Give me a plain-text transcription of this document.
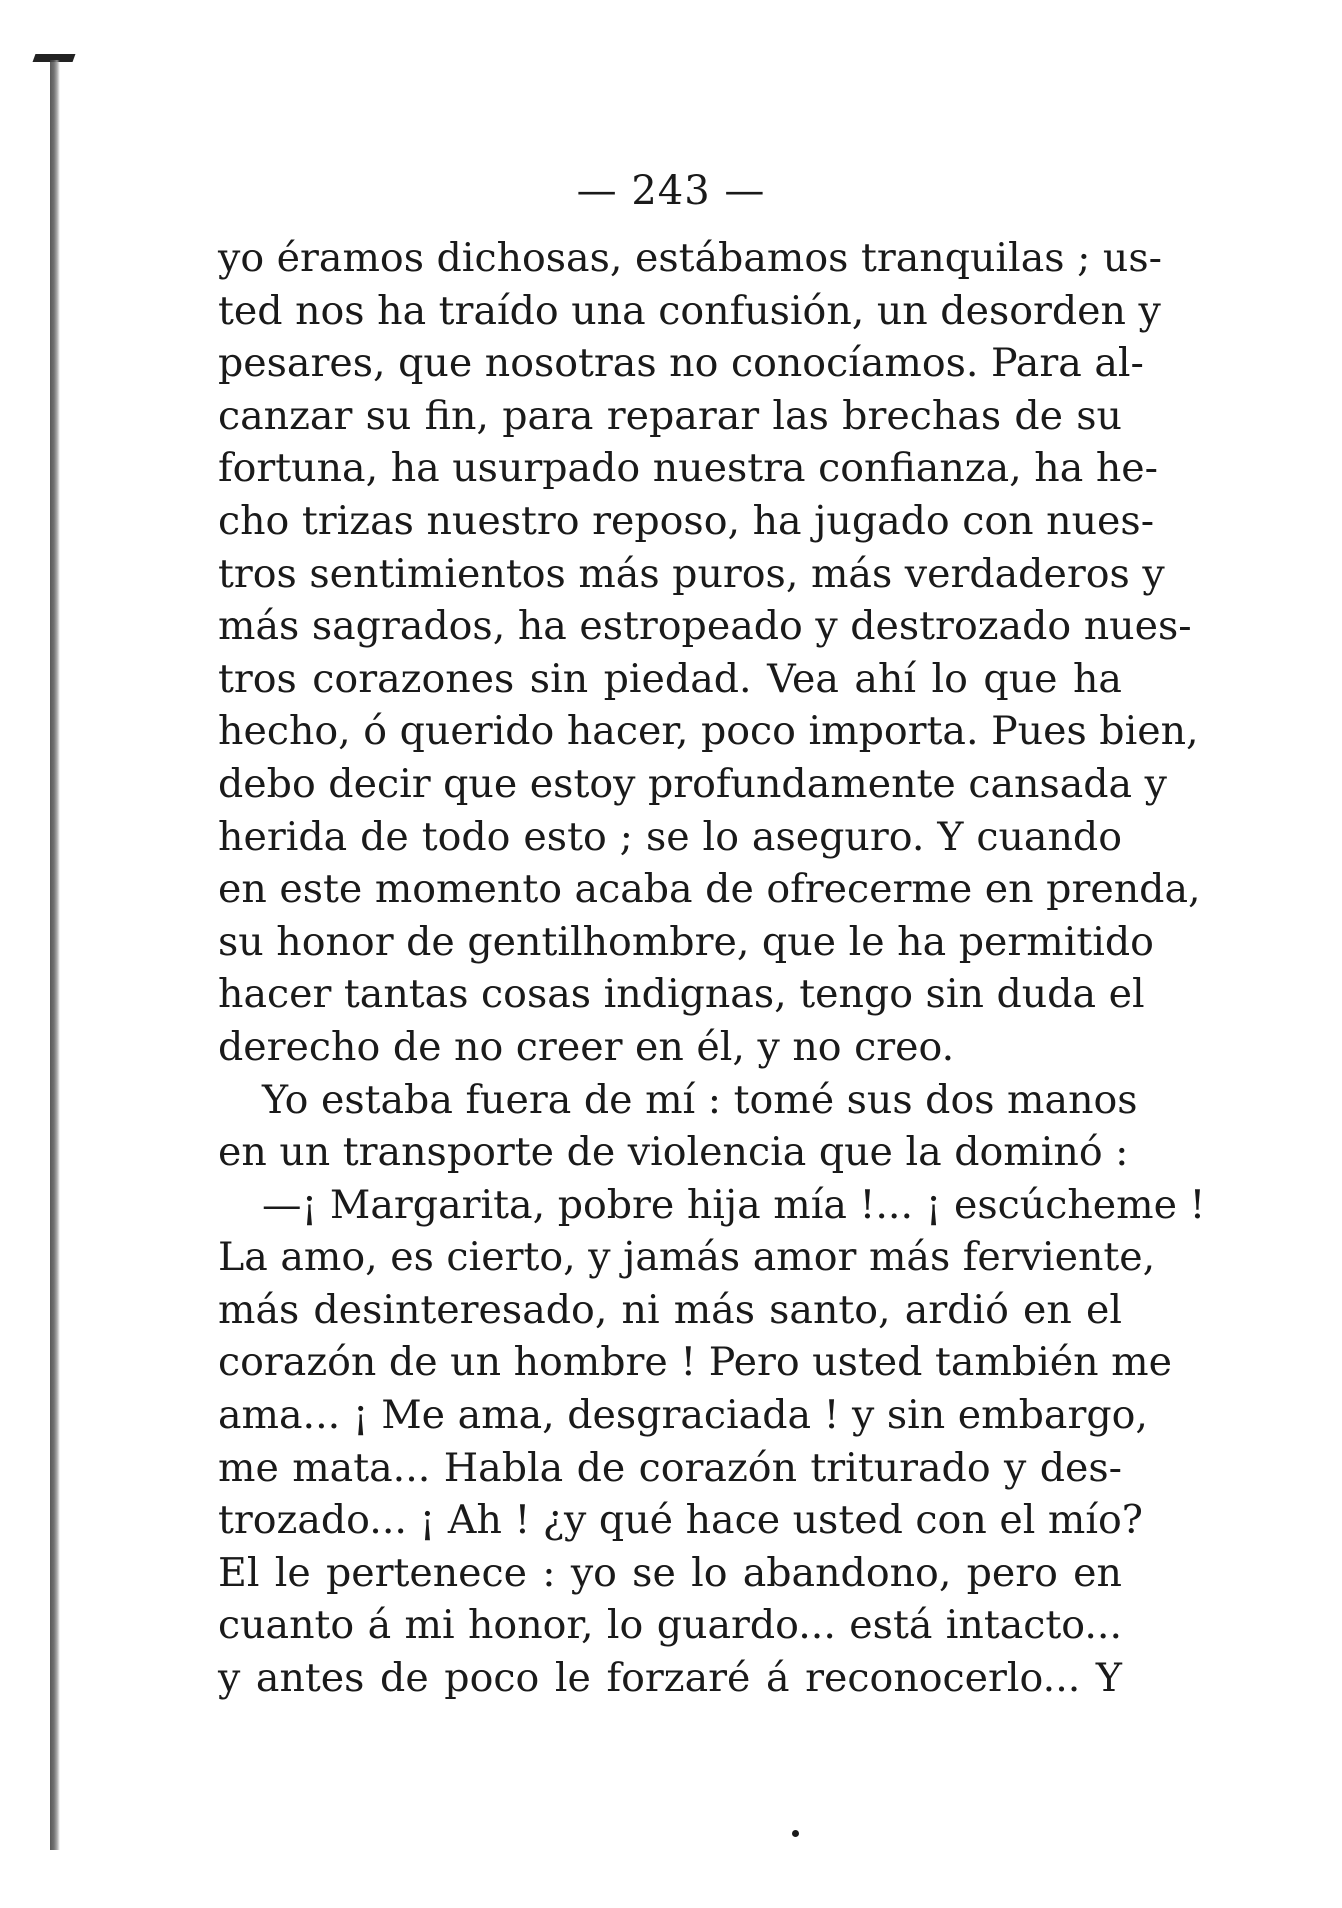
— 243 —
yo éramos dichosas, estábamos tranquilas ; us-
ted nos ha traído una confusión, un desorden y
pesares, que nosotras no conocíamos. Para al-
canzar su fin, para reparar las brechas de su
fortuna, ha usurpado nuestra confianza, ha he-
cho trizas nuestro reposo, ha jugado con nues-
tros sentimientos más puros, más verdaderos y
más sagrados, ha estropeado y destrozado nues-
tros corazones sin piedad. Vea ahí lo que ha
hecho, ó querido hacer, poco importa. Pues bien,
debo decir que estoy profundamente cansada y
herida de todo esto ; se lo aseguro. Y cuando
en este momento acaba de ofrecerme en prenda,
su honor de gentilhombre, que le ha permitido
hacer tantas cosas indignas, tengo sin duda el
derecho de no creer en él, y no creo.
Yo estaba fuera de mí : tomé sus dos manos
en un transporte de violencia que la dominó :
—¡ Margarita, pobre hija mía !... ¡ escúcheme !
La amo, es cierto, y jamás amor más ferviente,
más desinteresado, ni más santo, ardió en el
corazón de un hombre ! Pero usted también me
ama... ¡ Me ama, desgraciada ! y sin embargo,
me mata... Habla de corazón triturado y des-
trozado... ¡ Ah ! ¿y qué hace usted con el mío?
El le pertenece : yo se lo abandono, pero en
cuanto á mi honor, lo guardo... está intacto...
y antes de poco le forzaré á reconocerlo... Y
